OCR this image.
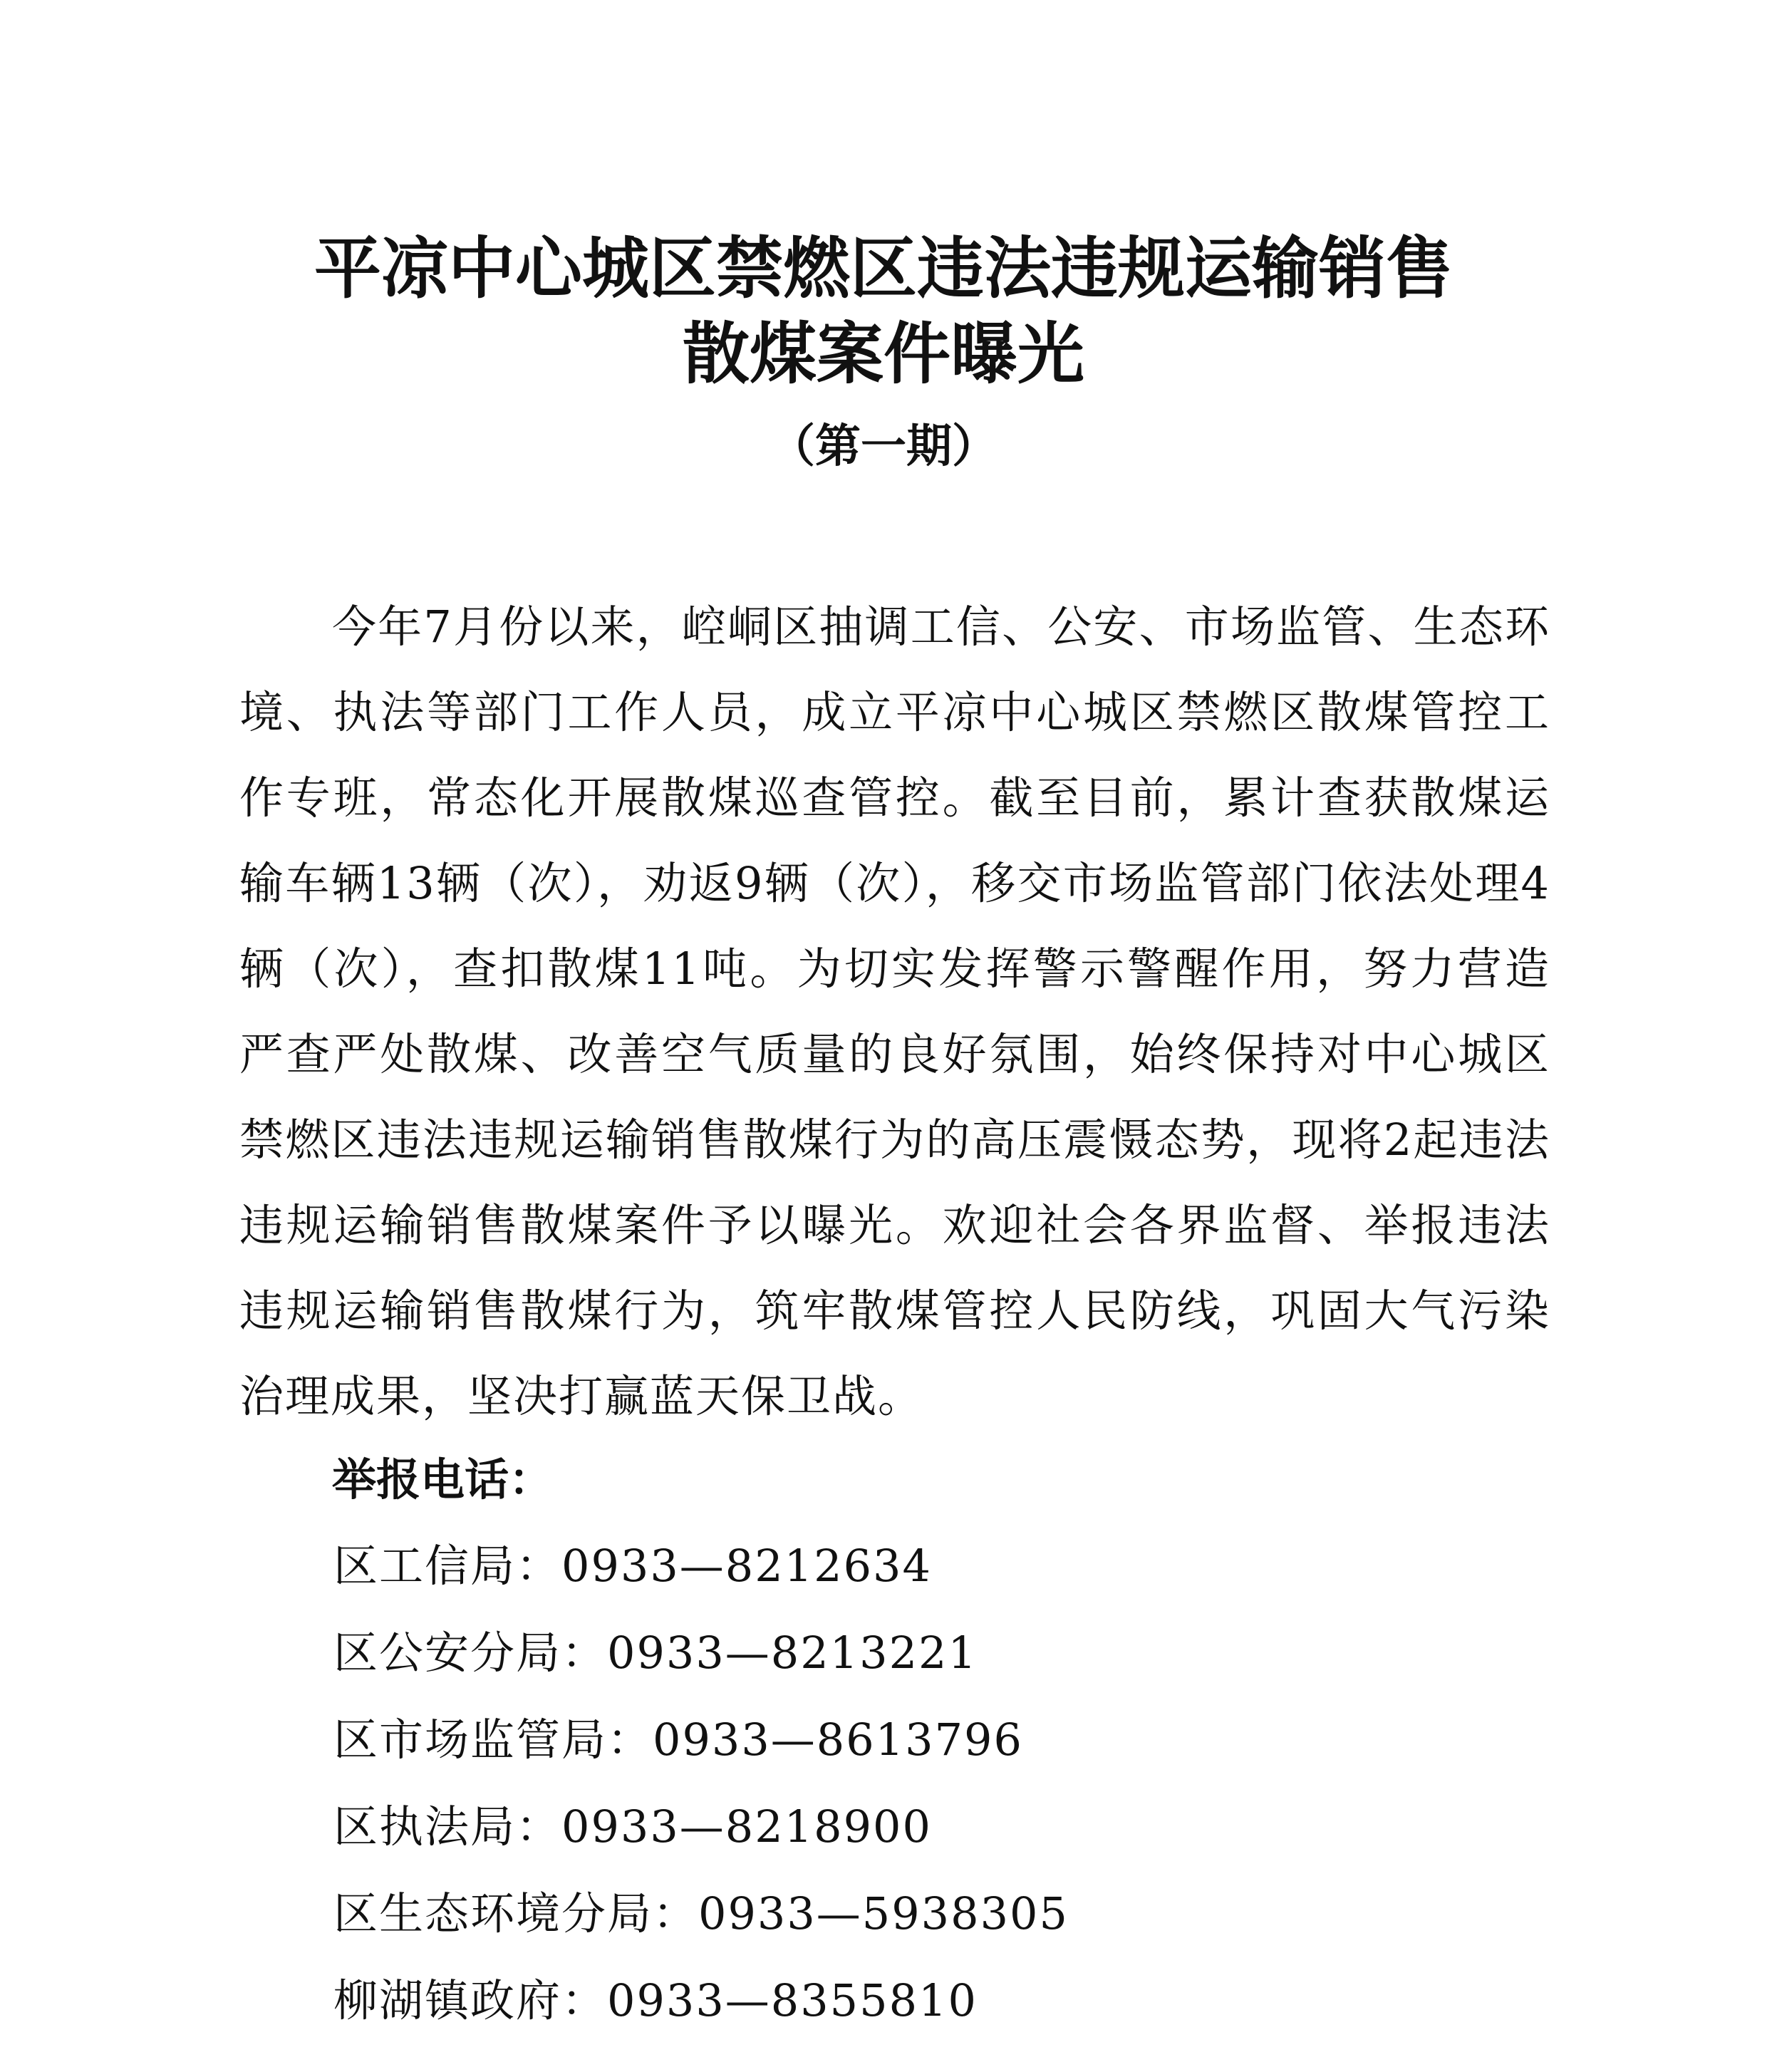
平凉中心城区禁燃区违法违规运输销售
散煤案件曝光
（第一期）

今年7月份以来，崆峒区抽调工信、公安、市场监管、生态环境、执法等部门工作人员，成立平凉中心城区禁燃区散煤管控工作专班，常态化开展散煤巡查管控。截至目前，累计查获散煤运输车辆13辆（次），劝返9辆（次），移交市场监管部门依法处理4辆（次），查扣散煤11吨。为切实发挥警示警醒作用，努力营造严查严处散煤、改善空气质量的良好氛围，始终保持对中心城区禁燃区违法违规运输销售散煤行为的高压震慑态势，现将2起违法违规运输销售散煤案件予以曝光。欢迎社会各界监督、举报违法违规运输销售散煤行为，筑牢散煤管控人民防线，巩固大气污染治理成果，坚决打赢蓝天保卫战。

举报电话：
区工信局：0933—8212634
区公安分局：0933—8213221
区市场监管局：0933—8613796
区执法局：0933—8218900
区生态环境分局：0933—5938305
柳湖镇政府：0933—8355810
